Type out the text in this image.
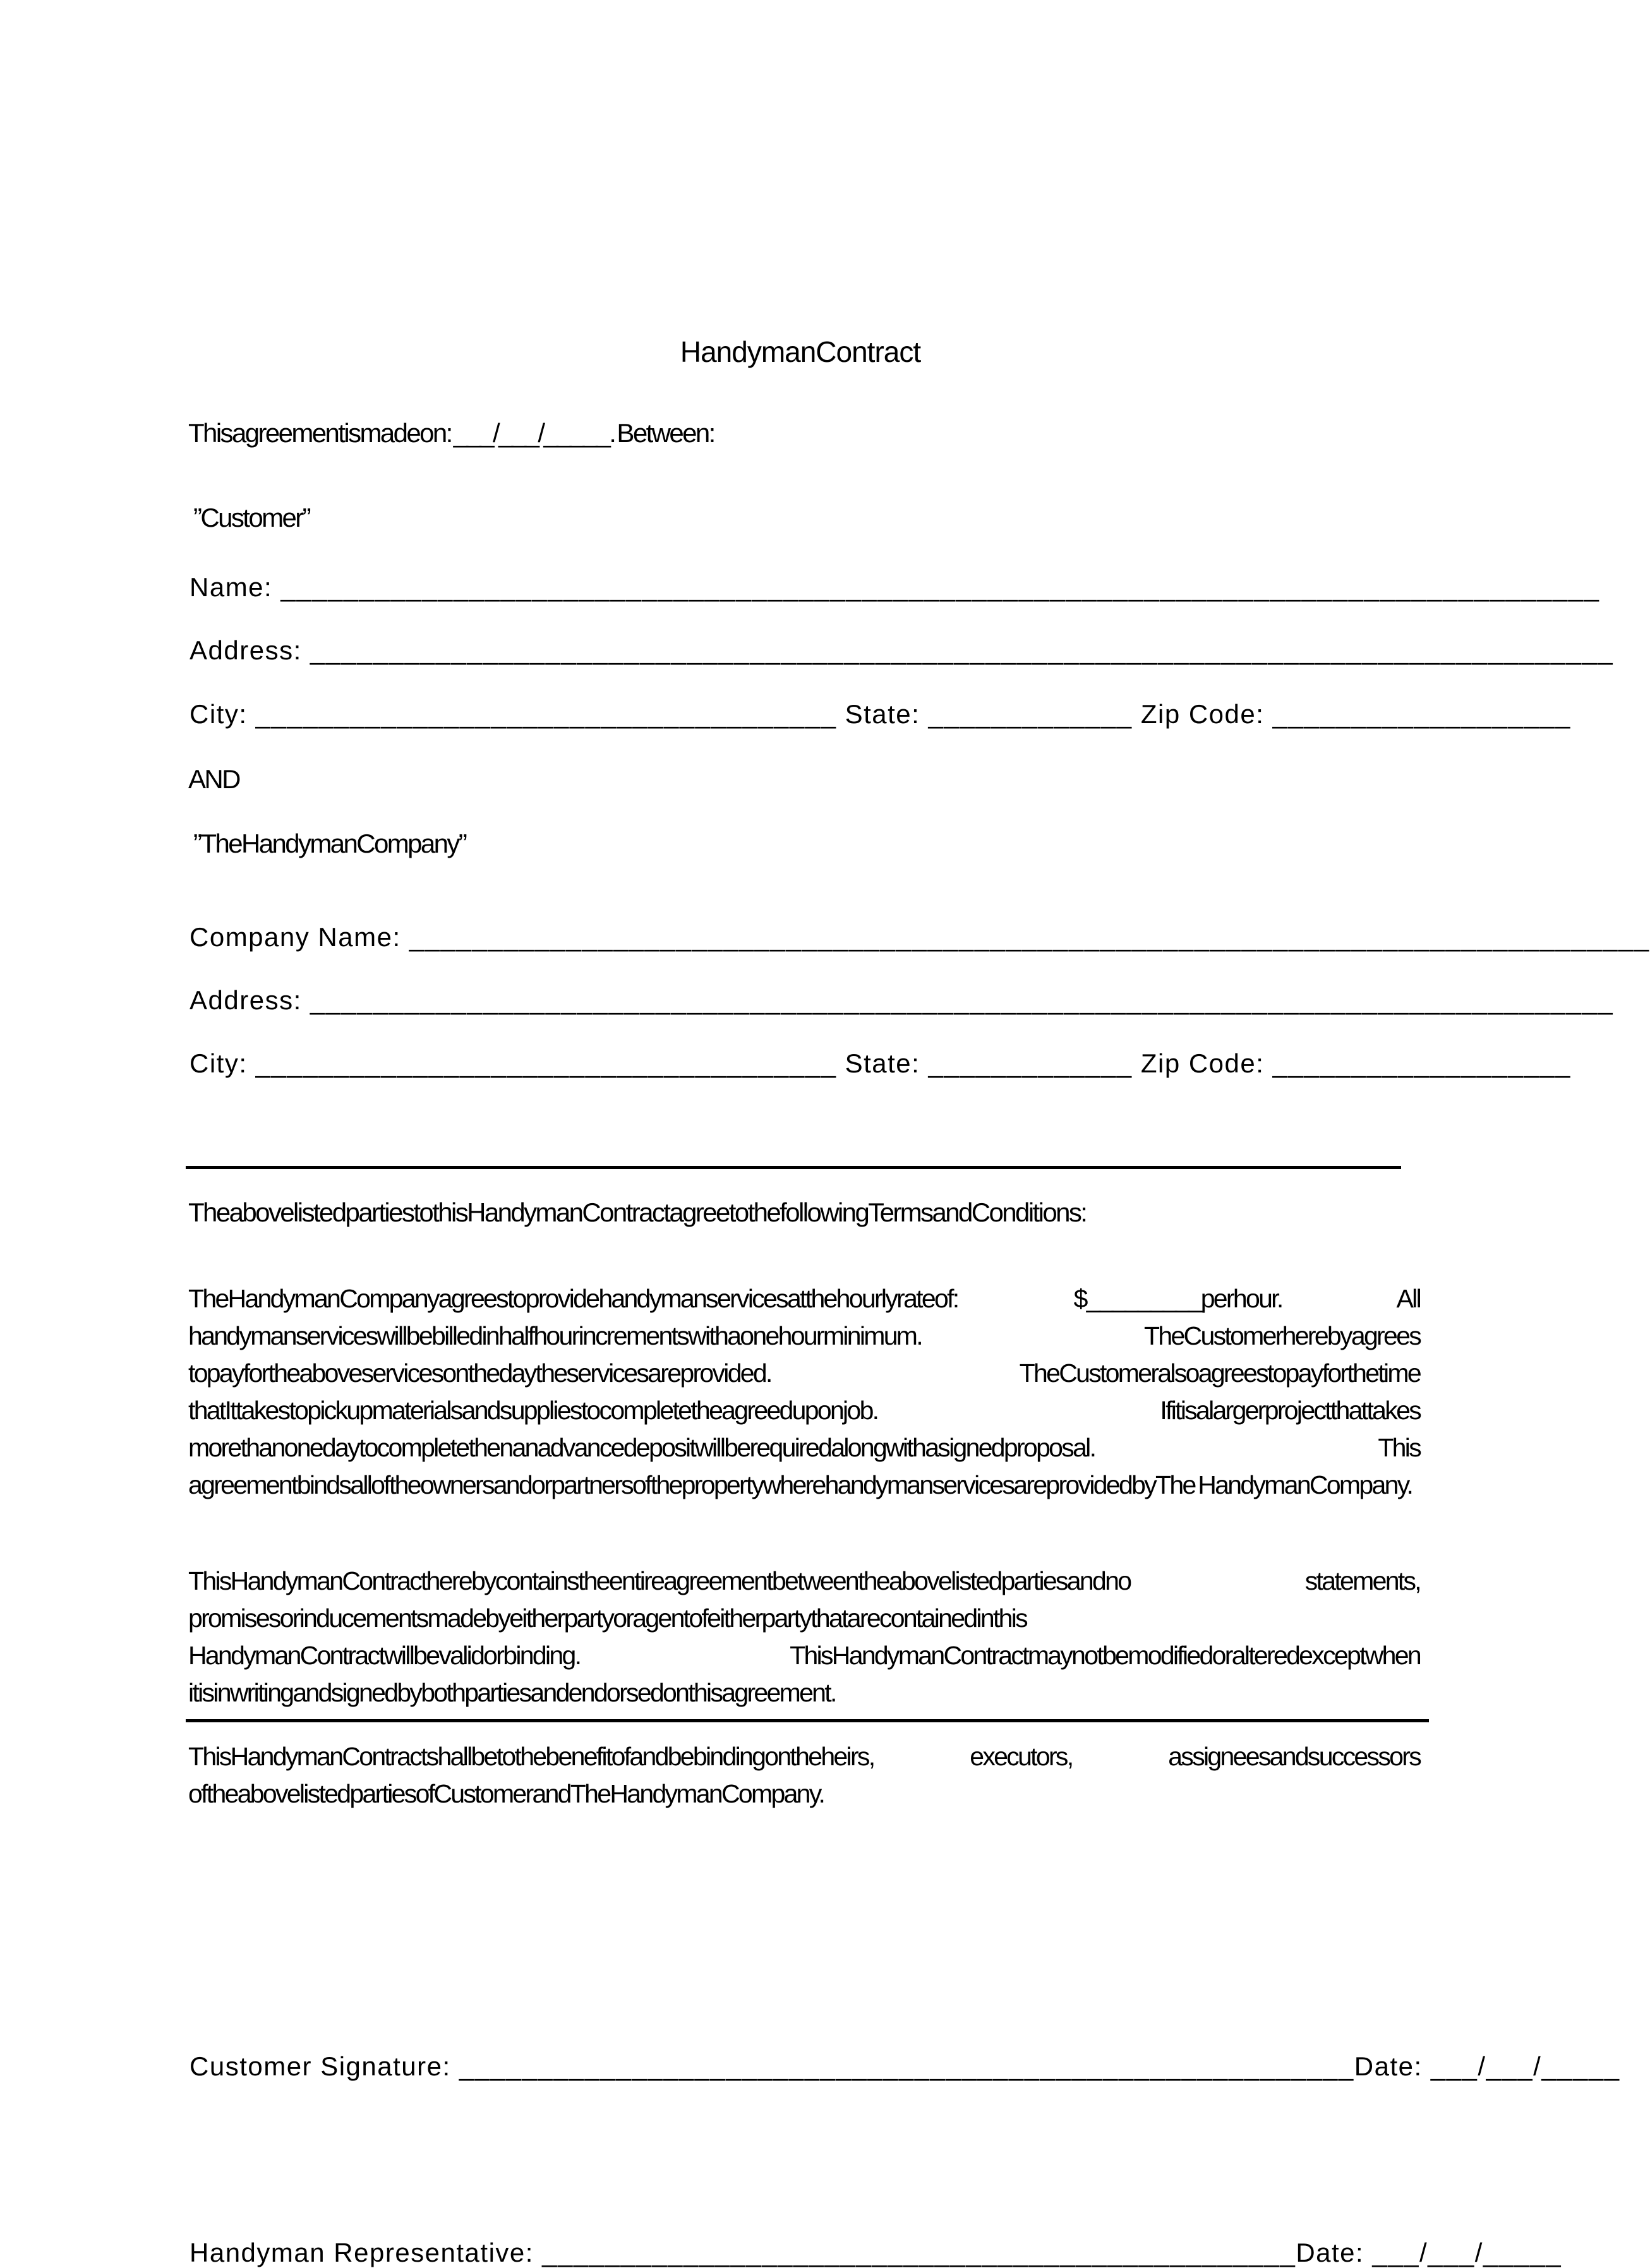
HandymanContract
Thisagreementismadeon: ___/___/_____. Between:
”Customer”
Name: ____________________________________________________________________________________
Address: ___________________________________________________________________________________
City: _____________________________________ State: _____________ Zip Code: ___________________
AND
”TheHandymanCompany”
Company Name: _______________________________________________________________________________
Address: ___________________________________________________________________________________
City: _____________________________________ State: _____________ Zip Code: ___________________
TheabovelistedpartiestothisHandymanContractagreetothefollowingTermsandConditions:

TheHandymanCompanyagreestoprovidehandymanservicesatthehourlyrateof: $_________perhour. All handymanserviceswillbebilledinhalfhourincrementswithaonehourminimum. TheCustomerherebyagrees topayfortheaboveservicesonthedaytheservicesareprovided. TheCustomeralsoagreestopayforthetime thatIttakestopickupmaterialsandsuppliestocompletetheagreeduponjob. Ifitisalargerprojectthattakes morethanonedaytocompletethenanadvancedepositwillberequiredalongwithasignedproposal. This agreementbindsalloftheownersandorpartnersofthepropertywherehandymanservicesareprovidedbyThe HandymanCompany.

ThisHandymanContractherebycontainstheentireagreementbetweentheabovelistedpartiesandno statements, promisesorinducementsmadebyeitherpartyoragentofeitherpartythatarecontainedinthis HandymanContractwillbevalidorbinding. ThisHandymanContractmaynotbemodifiedoralteredexceptwhen itisinwritingandsignedbybothpartiesandendorsedonthisagreement.

ThisHandymanContractshallbetothebenefitofandbebindingontheheirs, executors, assigneesandsuccessors oftheabovelistedpartiesofCustomerandTheHandymanCompany.

Customer Signature: _________________________________________________________Date: ___/___/_____
Handyman Representative: ________________________________________________Date: ___/___/_____
